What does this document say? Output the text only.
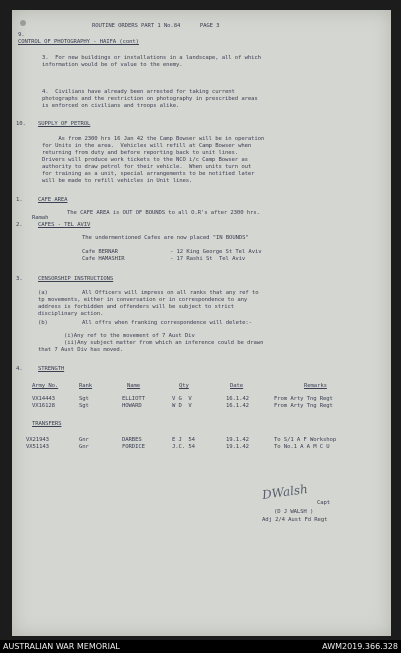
ROUTINE ORDERS PART 1 No.84      PAGE 3
9.
CONTROL OF PHOTOGRAPHY - HAIFA (cont)
3.  For new buildings or installations in a landscape, all of which
information would be of value to the enemy.
4.  Civilians have already been arrested for taking current
photographs and the restriction on photography in prescribed areas
is enforced on civilians and troops alike.
10. SUPPLY OF PETROL
As from 2300 hrs 16 Jan 42 the Camp Bowser will be in operation
for Units in the area.  Vehicles will refill at Camp Bowser when
returning from duty and before reporting back to unit lines.
Drivers will produce work tickets to the NCO i/c Camp Bowser as
authority to draw petrol for their vehicle.  When units turn out
for training as a unit, special arrangements to be notified later
will be made to refill vehicles in Unit lines.
1.	CAFE AREA
The CAFE AREA is OUT OF BOUNDS to all O.R's after 2300 hrs.
Ramah
2.	CAFES - TEL AVIV
The undermentioned Cafes are now placed "IN BOUNDS"
Cafe BERNAR	- 12 King George St Tel Aviv
Cafe HAMASHIR	- 17 Rashi St  Tel Aviv
3.	CENSORSHIP INSTRUCTIONS
(a)	All Officers will impress on all ranks that any ref to
tp movements, either in conversation or in correspondence to any
address is forbidden and offenders will be subject to strict
disciplinary action.
(b)	All offrs when franking correspondence will delete:-
(i)Any ref to the movement of 7 Aust Div
(ii)Any subject matter from which an inference could be drawn
that 7 Aust Div has moved.
4.	STRENGTH
Army No.	Rank	Name	Qty	Date	Remarks
VX14443	Sgt	ELLIOTT	V G  V	16.1.42	From Arty Tng Regt
VX16128	Sgt	HOWARD	W D  V	16.1.42	From Arty Tng Regt
TRANSFERS
VX21943	Gnr	DARBES	E J  54	19.1.42	To S/1 A F Workshop
VX51143	Gnr	FORDICE	J.C. 54	19.1.42	To No.1 A A M C U
Capt
(D J WALSH )
Adj 2/4 Aust Fd Regt
DWalsh
AUSTRALIAN WAR MEMORIAL	AWM2019.366.328
